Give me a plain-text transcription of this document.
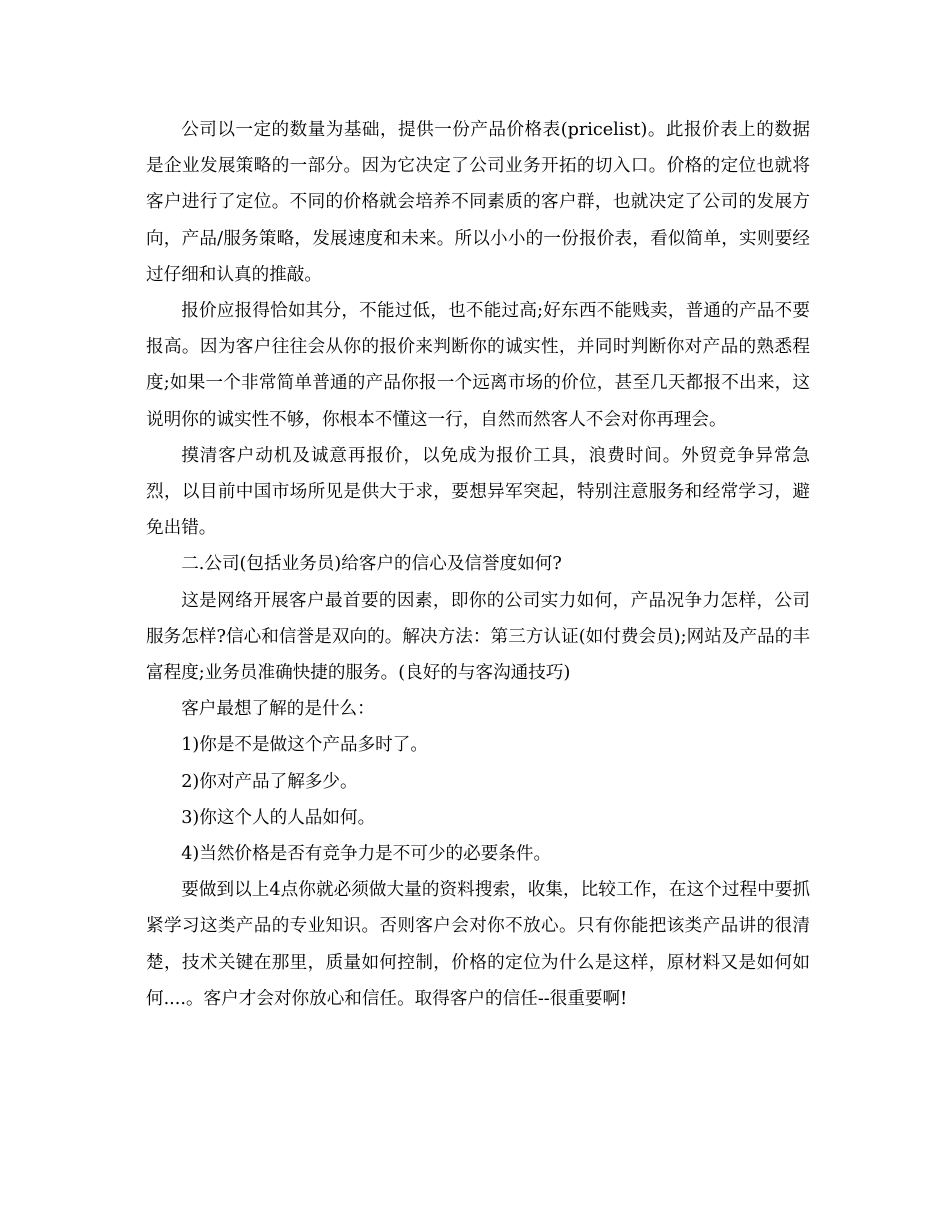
公司以一定的数量为基础，提供一份产品价格表(pricelist)。此报价表上的数据是企业发展策略的一部分。因为它决定了公司业务开拓的切入口。价格的定位也就将客户进行了定位。不同的价格就会培养不同素质的客户群，也就决定了公司的发展方向，产品/服务策略，发展速度和未来。所以小小的一份报价表，看似简单，实则要经过仔细和认真的推敲。

报价应报得恰如其分，不能过低，也不能过高;好东西不能贱卖，普通的产品不要报高。因为客户往往会从你的报价来判断你的诚实性，并同时判断你对产品的熟悉程度;如果一个非常简单普通的产品你报一个远离市场的价位，甚至几天都报不出来，这说明你的诚实性不够，你根本不懂这一行，自然而然客人不会对你再理会。

摸清客户动机及诚意再报价，以免成为报价工具，浪费时间。外贸竞争异常急烈，以目前中国市场所见是供大于求，要想异军突起，特别注意服务和经常学习，避免出错。

二.公司(包括业务员)给客户的信心及信誉度如何?

这是网络开展客户最首要的因素，即你的公司实力如何，产品况争力怎样，公司服务怎样?信心和信誉是双向的。解决方法：第三方认证(如付费会员);网站及产品的丰富程度;业务员准确快捷的服务。(良好的与客沟通技巧)

客户最想了解的是什么：

1)你是不是做这个产品多时了。

2)你对产品了解多少。

3)你这个人的人品如何。

4)当然价格是否有竞争力是不可少的必要条件。

要做到以上4点你就必须做大量的资料搜索，收集，比较工作，在这个过程中要抓紧学习这类产品的专业知识。否则客户会对你不放心。只有你能把该类产品讲的很清楚，技术关键在那里，质量如何控制，价格的定位为什么是这样，原材料又是如何如何....。客户才会对你放心和信任。取得客户的信任--很重要啊!
